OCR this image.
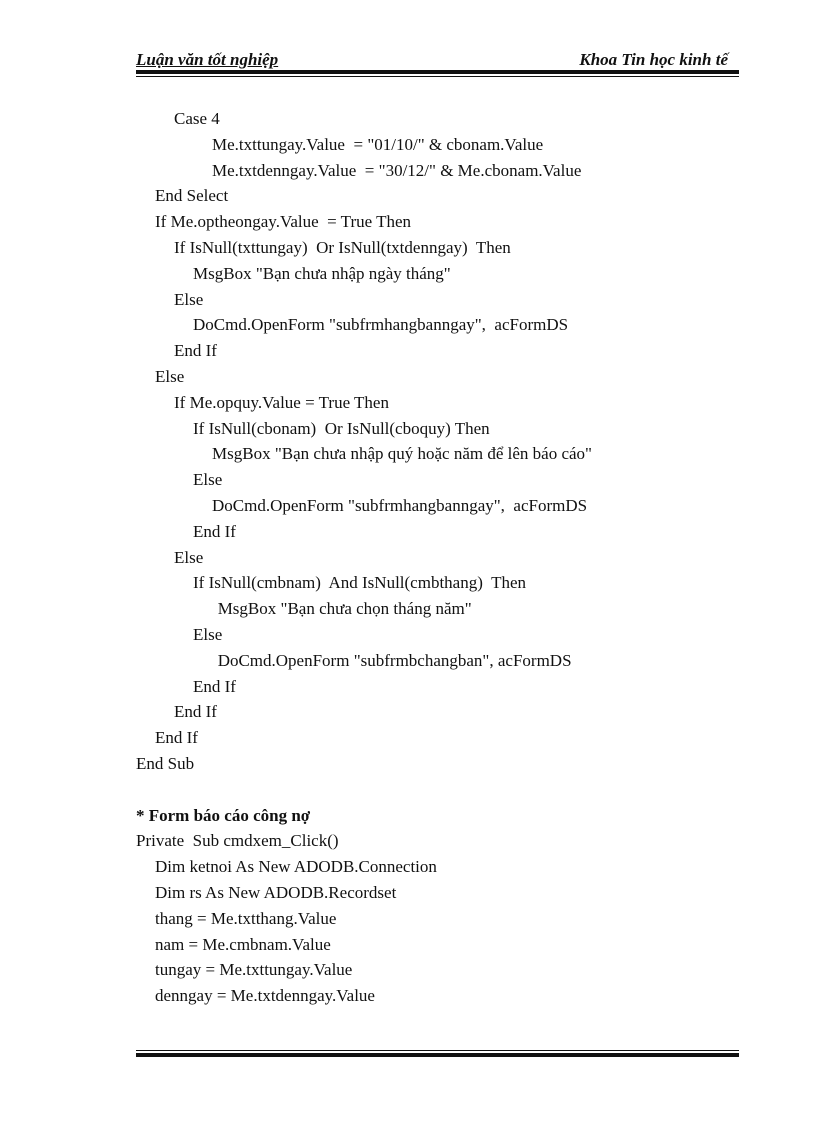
Luận văn tốt nghiệp	Khoa Tin học kinh tế
Case 4
Me.txttungay.Value  = "01/10/" & cbonam.Value
Me.txtdenngay.Value  = "30/12/" & Me.cbonam.Value
End Select
If Me.optheongay.Value  = True Then
If IsNull(txttungay)  Or IsNull(txtdenngay)  Then
MsgBox "Bạn chưa nhập ngày tháng"
Else
DoCmd.OpenForm "subfrmhangbanngay",  acFormDS
End If
Else
If Me.opquy.Value = True Then
If IsNull(cbonam)  Or IsNull(cboquy) Then
MsgBox "Bạn chưa nhập quý hoặc năm để lên báo cáo"
Else
DoCmd.OpenForm "subfrmhangbanngay",  acFormDS
End If
Else
If IsNull(cmbnam)  And IsNull(cmbthang)  Then
MsgBox "Bạn chưa chọn tháng năm"
Else
DoCmd.OpenForm "subfrmbchangban", acFormDS
End If
End If
End If
End Sub
* Form báo cáo công nợ
Private  Sub cmdxem_Click()
Dim ketnoi As New ADODB.Connection
Dim rs As New ADODB.Recordset
thang = Me.txtthang.Value
nam = Me.cmbnam.Value
tungay = Me.txttungay.Value
denngay = Me.txtdenngay.Value
